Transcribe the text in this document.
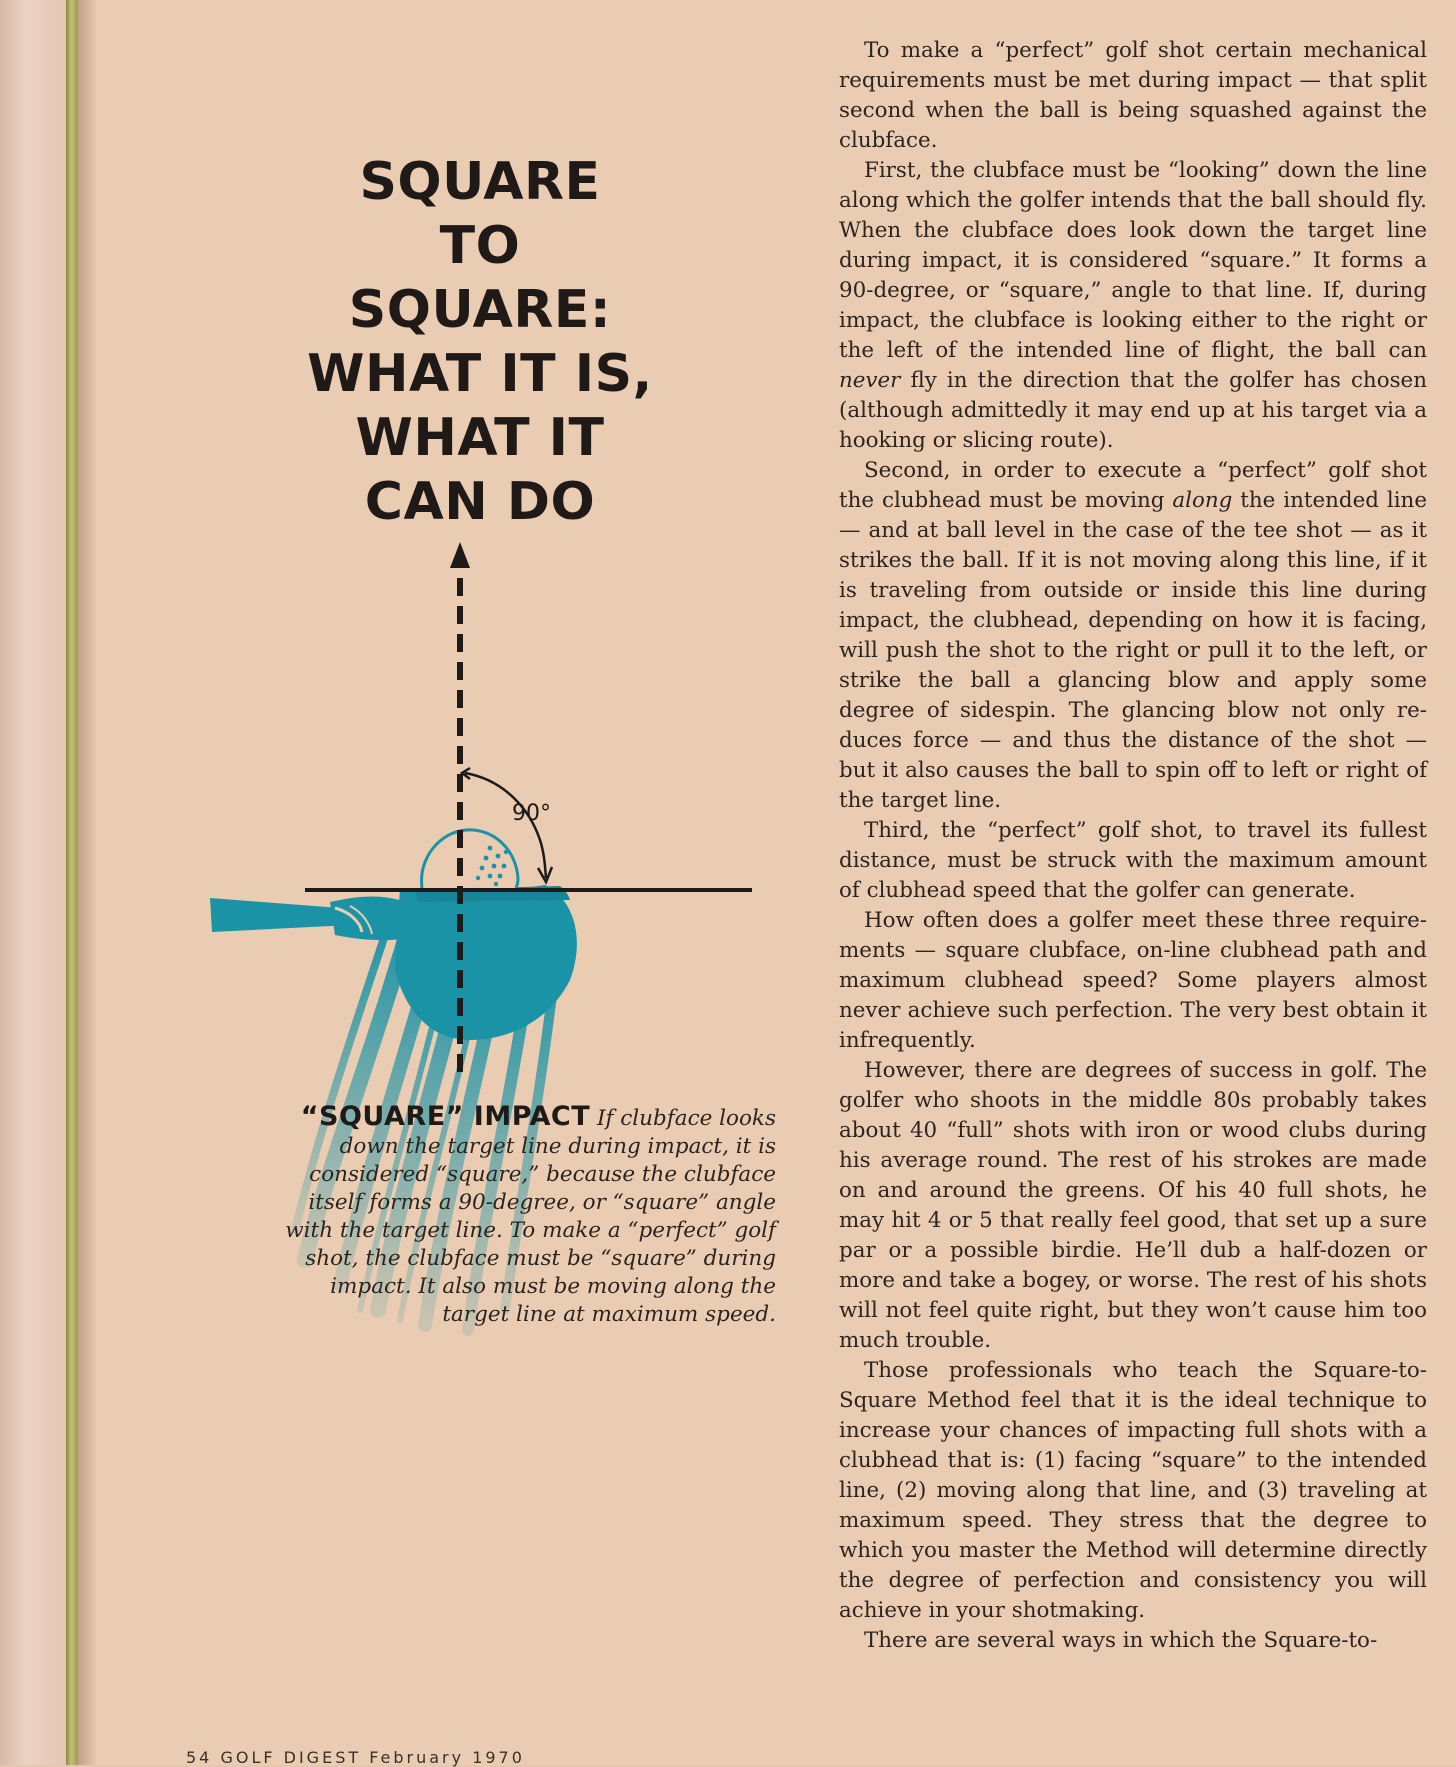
SQUARE
TO
SQUARE:
WHAT IT IS,
WHAT IT
CAN DO
90°
“SQUARE” IMPACT If clubface looks down the target line during impact, it is considered “square,” because the clubface itself forms a 90-degree, or “square” angle with the target line. To make a “perfect” golf shot, the clubface must be “square” during impact. It also must be moving along the target line at maximum speed.

To make a “perfect” golf shot certain mechanical requirements must be met during impact — that split second when the ball is being squashed against the clubface.

First, the clubface must be “looking” down the line along which the golfer intends that the ball should fly. When the clubface does look down the target line during impact, it is considered “square.” It forms a 90-degree, or “square,” angle to that line. If, during impact, the clubface is looking either to the right or the left of the intended line of flight, the ball can never fly in the direction that the golfer has chosen (although admittedly it may end up at his target via a hooking or slicing route).

Second, in order to execute a “perfect” golf shot the clubhead must be moving along the intended line — and at ball level in the case of the tee shot — as it strikes the ball. If it is not moving along this line, if it is traveling from outside or inside this line during impact, the clubhead, depending on how it is facing, will push the shot to the right or pull it to the left, or strike the ball a glancing blow and apply some degree of sidespin. The glancing blow not only reduces force — and thus the distance of the shot — but it also causes the ball to spin off to left or right of the target line.

Third, the “perfect” golf shot, to travel its fullest distance, must be struck with the maximum amount of clubhead speed that the golfer can generate.

How often does a golfer meet these three requirements — square clubface, on-line clubhead path and maximum clubhead speed? Some players almost never achieve such perfection. The very best obtain it infrequently.

However, there are degrees of success in golf. The golfer who shoots in the middle 80s probably takes about 40 “full” shots with iron or wood clubs during his average round. The rest of his strokes are made on and around the greens. Of his 40 full shots, he may hit 4 or 5 that really feel good, that set up a sure par or a possible birdie. He’ll dub a half-dozen or more and take a bogey, or worse. The rest of his shots will not feel quite right, but they won’t cause him too much trouble.

Those professionals who teach the Square-to-Square Method feel that it is the ideal technique to increase your chances of impacting full shots with a clubhead that is: (1) facing “square” to the intended line, (2) moving along that line, and (3) traveling at maximum speed. They stress that the degree to which you master the Method will determine directly the degree of perfection and consistency you will achieve in your shotmaking.

There are several ways in which the Square-to-

54 GOLF DIGEST February 1970
